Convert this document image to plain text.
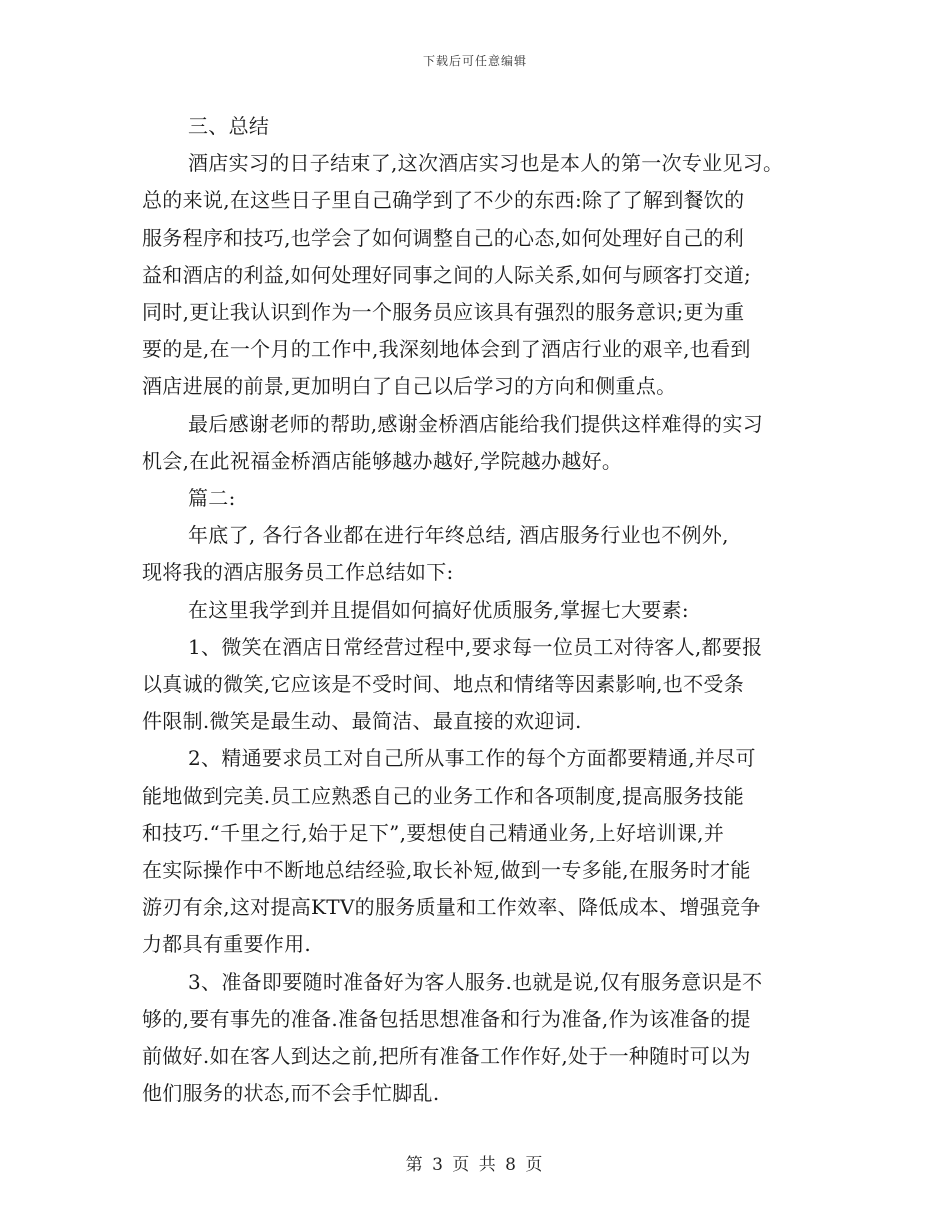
下载后可任意编辑

三、总结

酒店实习的日子结束了,这次酒店实习也是本人的第一次专业见习。
总的来说,在这些日子里自己确学到了不少的东西:除了了解到餐饮的
服务程序和技巧,也学会了如何调整自己的心态,如何处理好自己的利
益和酒店的利益,如何处理好同事之间的人际关系,如何与顾客打交道;
同时,更让我认识到作为一个服务员应该具有强烈的服务意识;更为重
要的是,在一个月的工作中,我深刻地体会到了酒店行业的艰辛,也看到
酒店进展的前景,更加明白了自己以后学习的方向和侧重点。

最后感谢老师的帮助,感谢金桥酒店能给我们提供这样难得的实习
机会,在此祝福金桥酒店能够越办越好,学院越办越好。

篇二:

年底了, 各行各业都在进行年终总结, 酒店服务行业也不例外,
现将我的酒店服务员工作总结如下:

在这里我学到并且提倡如何搞好优质服务,掌握七大要素:

1、微笑在酒店日常经营过程中,要求每一位员工对待客人,都要报
以真诚的微笑,它应该是不受时间、地点和情绪等因素影响,也不受条
件限制.微笑是最生动、最简洁、最直接的欢迎词.

2、精通要求员工对自己所从事工作的每个方面都要精通,并尽可
能地做到完美.员工应熟悉自己的业务工作和各项制度,提高服务技能
和技巧.“千里之行,始于足下”,要想使自己精通业务,上好培训课,并
在实际操作中不断地总结经验,取长补短,做到一专多能,在服务时才能
游刃有余,这对提高KTV的服务质量和工作效率、降低成本、增强竞争
力都具有重要作用.

3、准备即要随时准备好为客人服务.也就是说,仅有服务意识是不
够的,要有事先的准备.准备包括思想准备和行为准备,作为该准备的提
前做好.如在客人到达之前,把所有准备工作作好,处于一种随时可以为
他们服务的状态,而不会手忙脚乱.

第 3 页 共 8 页
